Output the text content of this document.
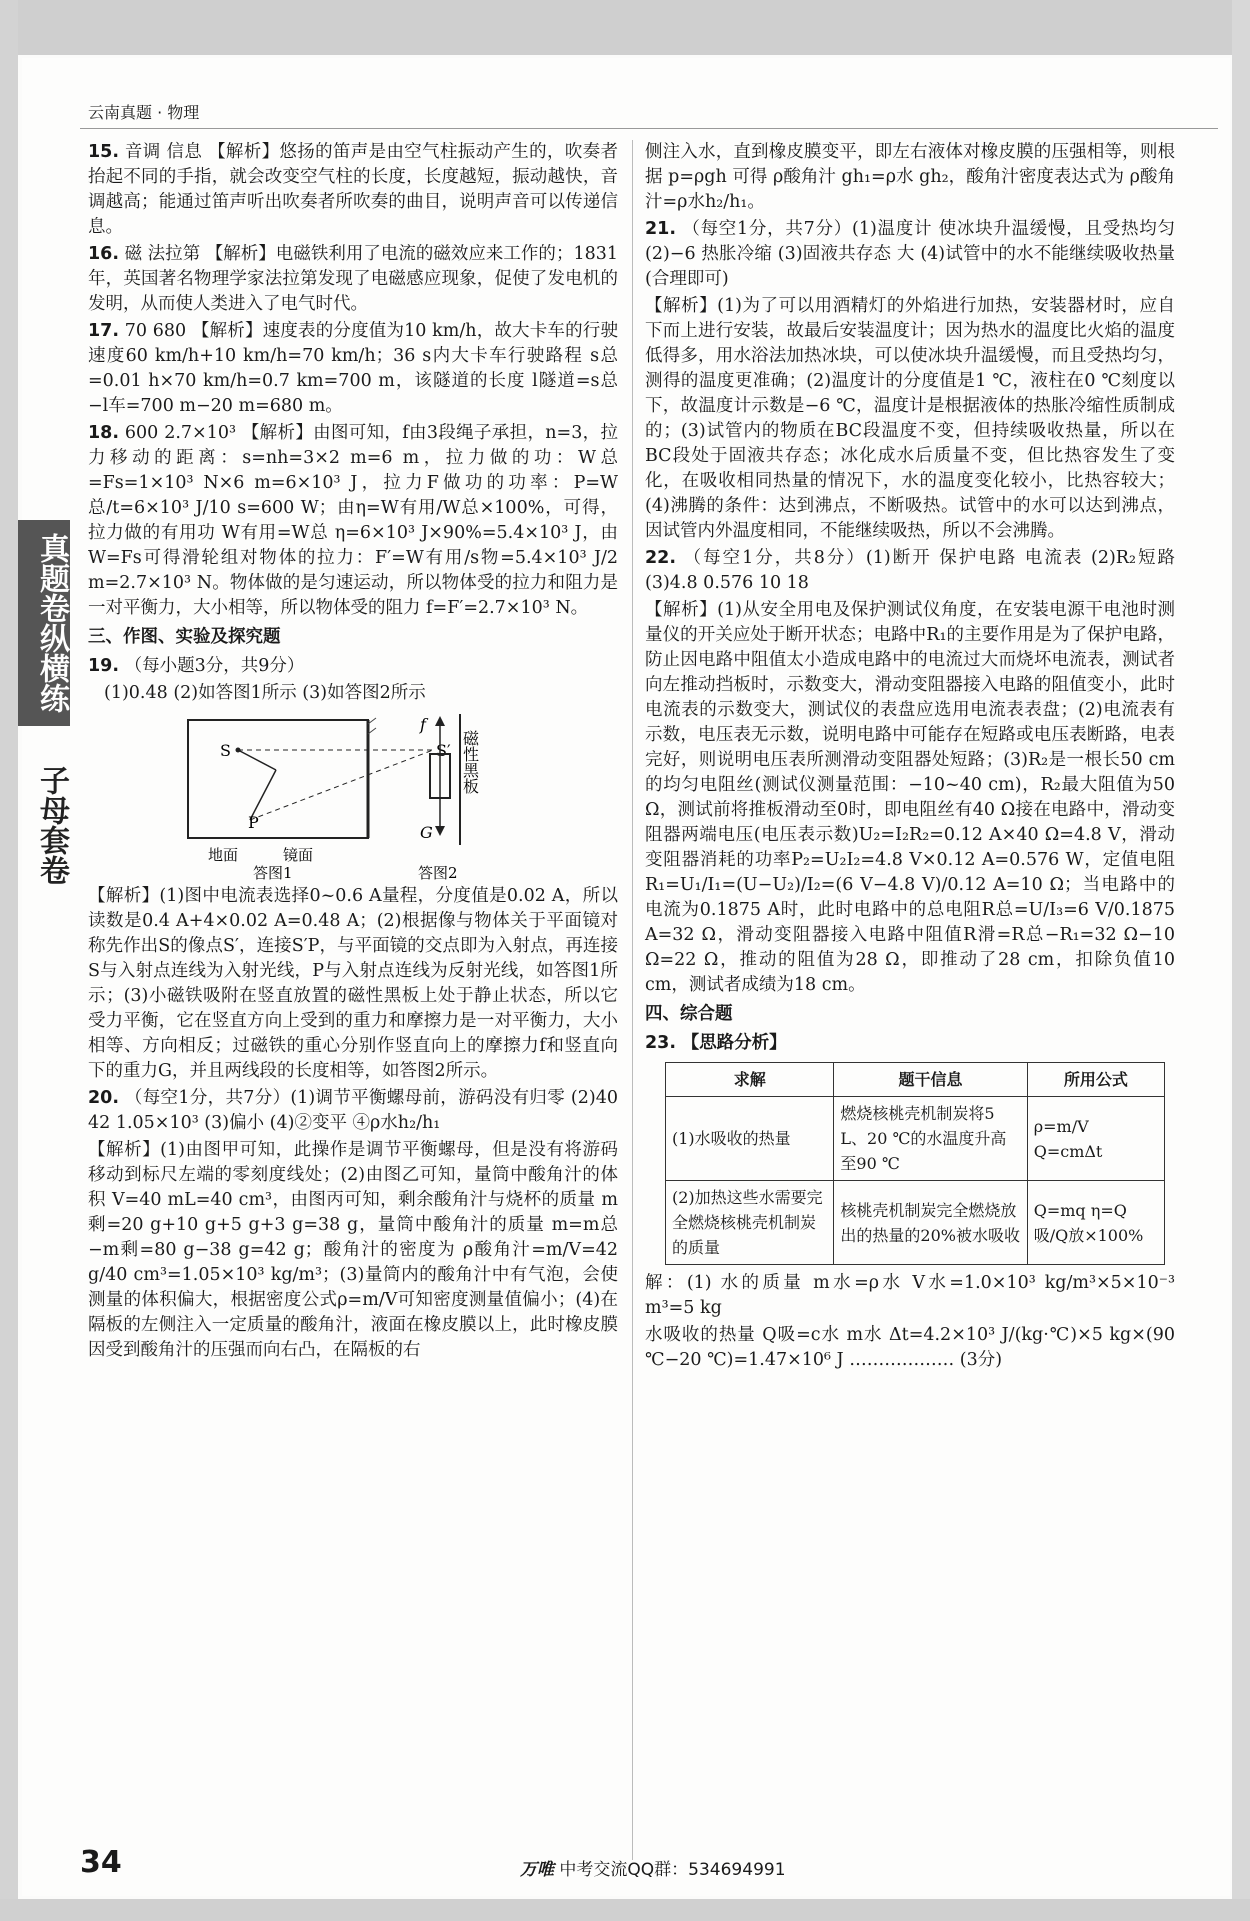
云南真题 · 物理
真题卷纵横练
子母套卷

15. 音调 信息 【解析】悠扬的笛声是由空气柱振动产生的，吹奏者抬起不同的手指，就会改变空气柱的长度，长度越短，振动越快，音调越高；能通过笛声听出吹奏者所吹奏的曲目，说明声音可以传递信息。

16. 磁 法拉第 【解析】电磁铁利用了电流的磁效应来工作的；1831年，英国著名物理学家法拉第发现了电磁感应现象，促使了发电机的发明，从而使人类进入了电气时代。

17. 70 680 【解析】速度表的分度值为10 km/h，故大卡车的行驶速度60 km/h+10 km/h=70 km/h；36 s内大卡车行驶路程 s总=0.01 h×70 km/h=0.7 km=700 m，该隧道的长度 l隧道=s总−l车=700 m−20 m=680 m。

18. 600 2.7×10³ 【解析】由图可知，f由3段绳子承担，n=3，拉力移动的距离：s=nh=3×2 m=6 m，拉力做的功：W总=Fs=1×10³ N×6 m=6×10³ J，拉力F做功的功率：P=W总/t=6×10³ J/10 s=600 W；由η=W有用/W总×100%，可得，拉力做的有用功 W有用=W总 η=6×10³ J×90%=5.4×10³ J，由W=Fs可得滑轮组对物体的拉力：F′=W有用/s物=5.4×10³ J/2 m=2.7×10³ N。物体做的是匀速运动，所以物体受的拉力和阻力是一对平衡力，大小相等，所以物体受的阻力 f=F′=2.7×10³ N。

三、作图、实验及探究题

19. （每小题3分，共9分）

(1)0.48 (2)如答图1所示 (3)如答图2所示

S	S′
P
地面	镜面
答图1
f
G
磁性黑板
答图2

【解析】(1)图中电流表选择0~0.6 A量程，分度值是0.02 A，所以读数是0.4 A+4×0.02 A=0.48 A；(2)根据像与物体关于平面镜对称先作出S的像点S′，连接S′P，与平面镜的交点即为入射点，再连接S与入射点连线为入射光线，P与入射点连线为反射光线，如答图1所示；(3)小磁铁吸附在竖直放置的磁性黑板上处于静止状态，所以它受力平衡，它在竖直方向上受到的重力和摩擦力是一对平衡力，大小相等、方向相反；过磁铁的重心分别作竖直向上的摩擦力f和竖直向下的重力G，并且两线段的长度相等，如答图2所示。

20. （每空1分，共7分）(1)调节平衡螺母前，游码没有归零 (2)40 42 1.05×10³ (3)偏小 (4)②变平 ④ρ水h₂/h₁

【解析】(1)由图甲可知，此操作是调节平衡螺母，但是没有将游码移动到标尺左端的零刻度线处；(2)由图乙可知，量筒中酸角汁的体积 V=40 mL=40 cm³，由图丙可知，剩余酸角汁与烧杯的质量 m剩=20 g+10 g+5 g+3 g=38 g，量筒中酸角汁的质量 m=m总−m剩=80 g−38 g=42 g；酸角汁的密度为 ρ酸角汁=m/V=42 g/40 cm³=1.05×10³ kg/m³；(3)量筒内的酸角汁中有气泡，会使测量的体积偏大，根据密度公式ρ=m/V可知密度测量值偏小；(4)在隔板的左侧注入一定质量的酸角汁，液面在橡皮膜以上，此时橡皮膜因受到酸角汁的压强而向右凸，在隔板的右

侧注入水，直到橡皮膜变平，即左右液体对橡皮膜的压强相等，则根据 p=ρgh 可得 ρ酸角汁 gh₁=ρ水 gh₂，酸角汁密度表达式为 ρ酸角汁=ρ水h₂/h₁。

21. （每空1分，共7分）(1)温度计 使冰块升温缓慢，且受热均匀 (2)−6 热胀冷缩 (3)固液共存态 大 (4)试管中的水不能继续吸收热量(合理即可)

【解析】(1)为了可以用酒精灯的外焰进行加热，安装器材时，应自下而上进行安装，故最后安装温度计；因为热水的温度比火焰的温度低得多，用水浴法加热冰块，可以使冰块升温缓慢，而且受热均匀，测得的温度更准确；(2)温度计的分度值是1 ℃，液柱在0 ℃刻度以下，故温度计示数是−6 ℃，温度计是根据液体的热胀冷缩性质制成的；(3)试管内的物质在BC段温度不变，但持续吸收热量，所以在BC段处于固液共存态；冰化成水后质量不变，但比热容发生了变化，在吸收相同热量的情况下，水的温度变化较小，比热容较大；(4)沸腾的条件：达到沸点，不断吸热。试管中的水可以达到沸点，因试管内外温度相同，不能继续吸热，所以不会沸腾。

22. （每空1分，共8分）(1)断开 保护电路 电流表 (2)R₂短路 (3)4.8 0.576 10 18

【解析】(1)从安全用电及保护测试仪角度，在安装电源干电池时测量仪的开关应处于断开状态；电路中R₁的主要作用是为了保护电路，防止因电路中阻值太小造成电路中的电流过大而烧坏电流表，测试者向左推动挡板时，示数变大，滑动变阻器接入电路的阻值变小，此时电流表的示数变大，测试仪的表盘应选用电流表表盘；(2)电流表有示数，电压表无示数，说明电路中可能存在短路或电压表断路，电表完好，则说明电压表所测滑动变阻器处短路；(3)R₂是一根长50 cm的均匀电阻丝(测试仪测量范围：−10~40 cm)，R₂最大阻值为50 Ω，测试前将推板滑动至0时，即电阻丝有40 Ω接在电路中，滑动变阻器两端电压(电压表示数)U₂=I₂R₂=0.12 A×40 Ω=4.8 V，滑动变阻器消耗的功率P₂=U₂I₂=4.8 V×0.12 A=0.576 W，定值电阻R₁=U₁/I₁=(U−U₂)/I₂=(6 V−4.8 V)/0.12 A=10 Ω；当电路中的电流为0.1875 A时，此时电路中的总电阻R总=U/I₃=6 V/0.1875 A=32 Ω，滑动变阻器接入电路中阻值R滑=R总−R₁=32 Ω−10 Ω=22 Ω，推动的阻值为28 Ω，即推动了28 cm，扣除负值10 cm，测试者成绩为18 cm。

四、综合题

23. 【思路分析】

求解	题干信息	所用公式
(1)水吸收的热量	燃烧核桃壳机制炭将5 L、20 ℃的水温度升高至90 ℃	ρ=m/V Q=cmΔt
(2)加热这些水需要完全燃烧核桃壳机制炭的质量	核桃壳机制炭完全燃烧放出的热量的20%被水吸收	Q=mq η=Q吸/Q放×100%

解：(1) 水的质量 m水=ρ水 V水=1.0×10³ kg/m³×5×10⁻³ m³=5 kg

水吸收的热量 Q吸=c水 m水 Δt=4.2×10³ J/(kg·℃)×5 kg×(90 ℃−20 ℃)=1.47×10⁶ J ……………… (3分)

34	万唯 中考交流QQ群：534694991
